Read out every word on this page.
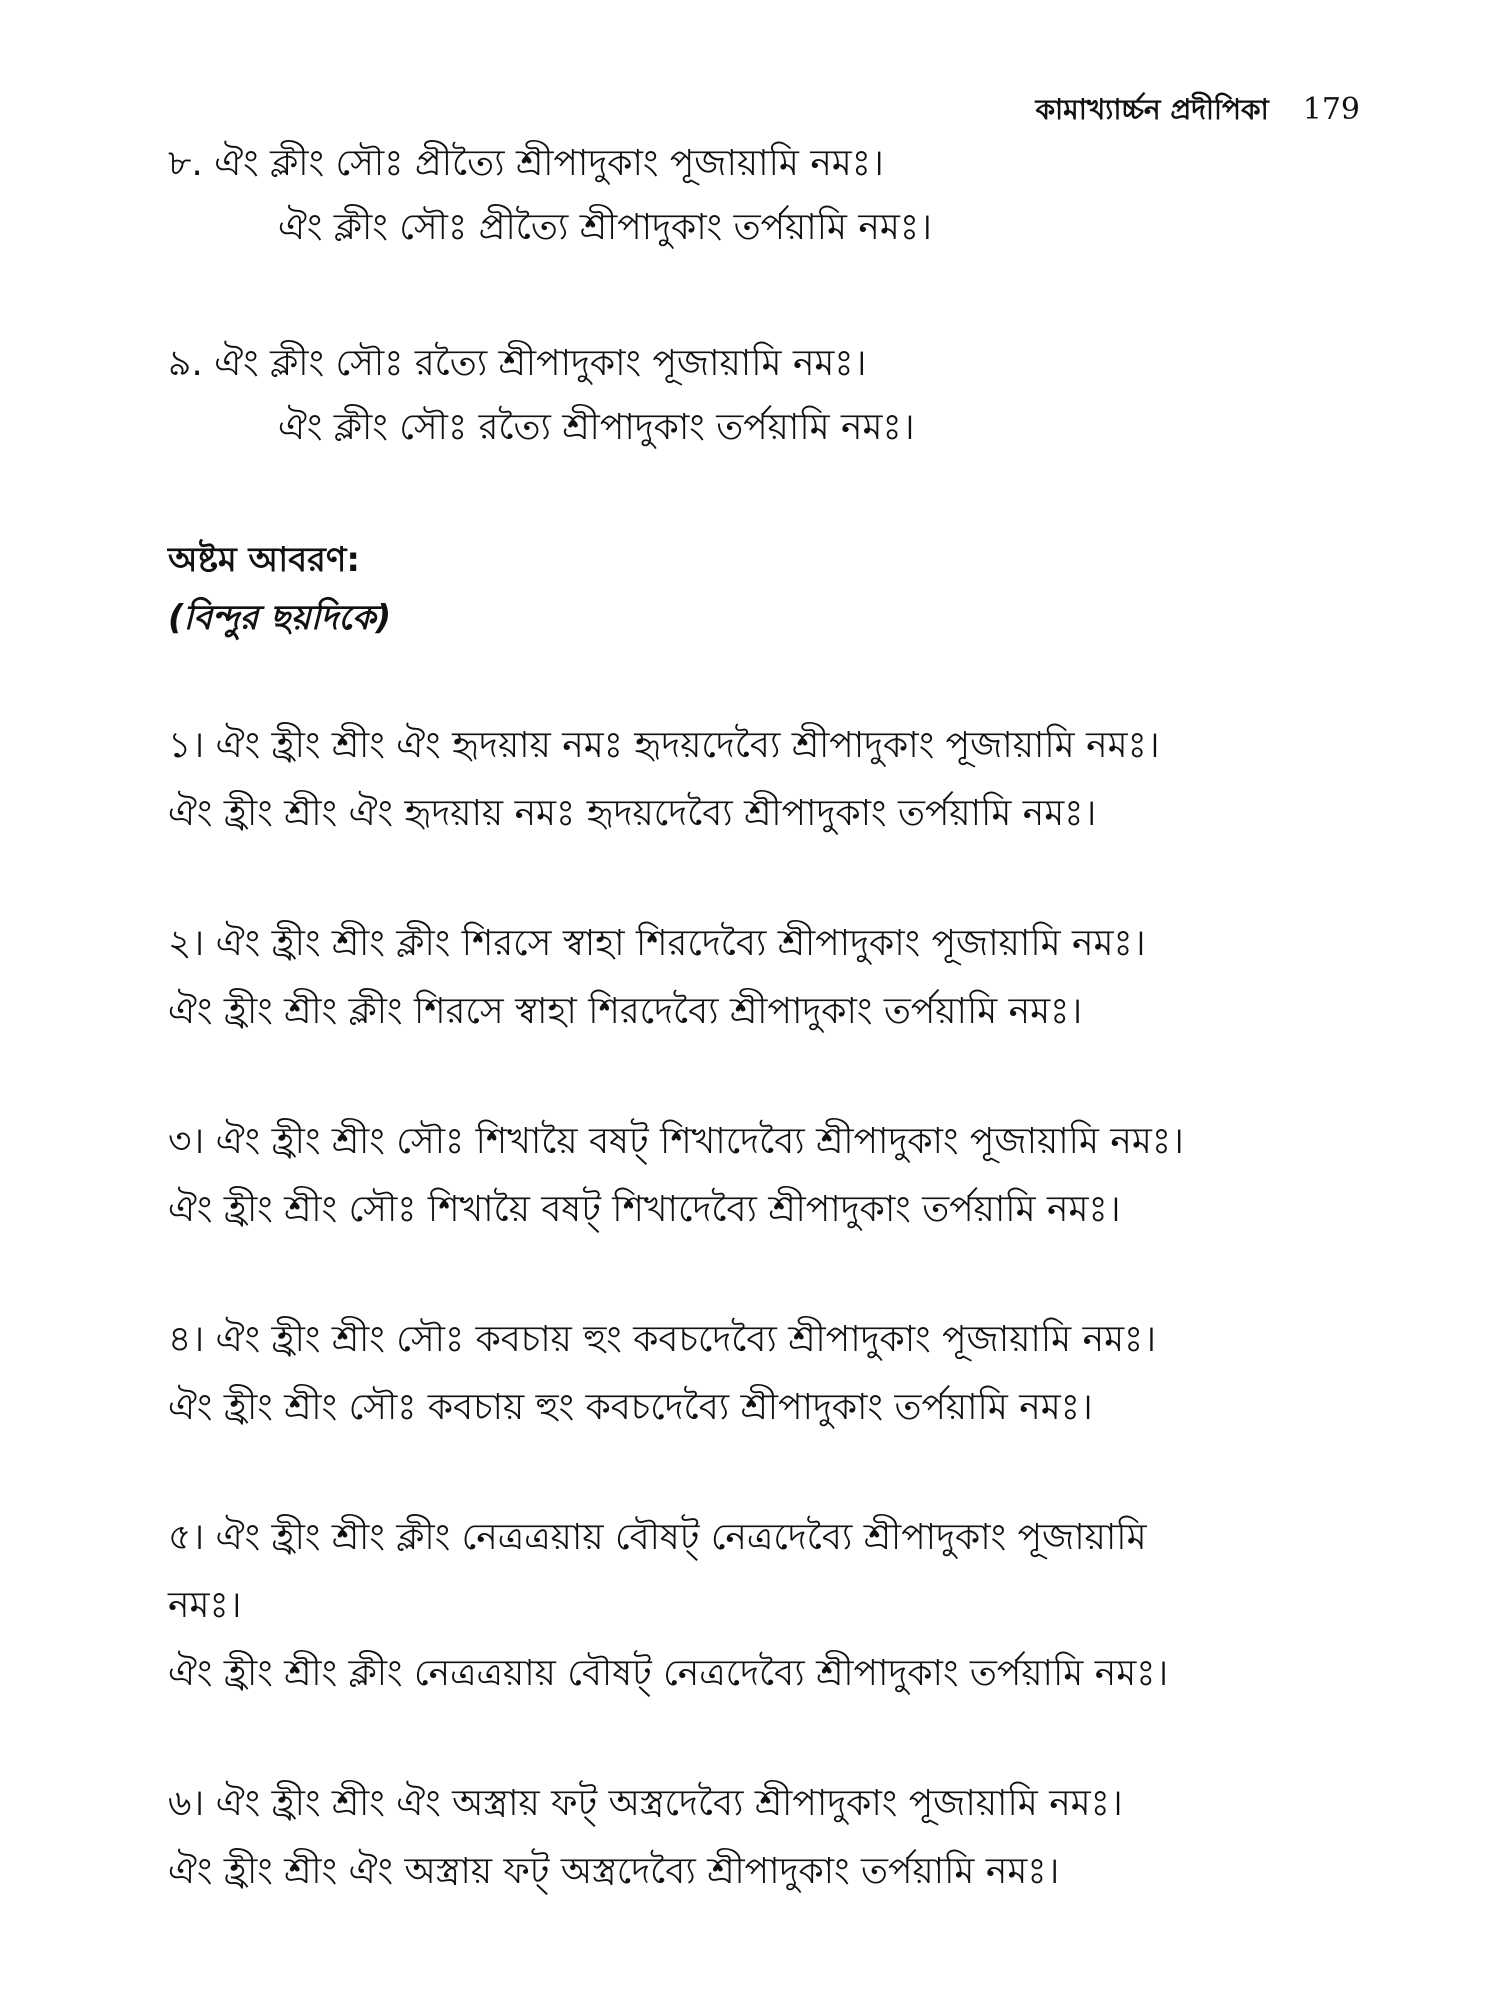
কামাখ্যার্চ্চন প্রদীপিকা 179
৮. ঐং ক্লীং সৌঃ প্রীত্যৈ শ্রীপাদুকাং পূজায়ামি নমঃ।
ঐং ক্লীং সৌঃ প্রীত্যৈ শ্রীপাদুকাং তর্পয়ামি নমঃ।
৯. ঐং ক্লীং সৌঃ রত্যৈ শ্রীপাদুকাং পূজায়ামি নমঃ।
ঐং ক্লীং সৌঃ রত্যৈ শ্রীপাদুকাং তর্পয়ামি নমঃ।
অষ্টম আবরণ:
(বিন্দুর ছয়দিকে)
১। ঐং হ্রীং শ্রীং ঐং হৃদয়ায় নমঃ হৃদয়দেব্যৈ শ্রীপাদুকাং পূজায়ামি নমঃ।
ঐং হ্রীং শ্রীং ঐং হৃদয়ায় নমঃ হৃদয়দেব্যৈ শ্রীপাদুকাং তর্পয়ামি নমঃ।
২। ঐং হ্রীং শ্রীং ক্লীং শিরসে স্বাহা শিরদেব্যৈ শ্রীপাদুকাং পূজায়ামি নমঃ।
ঐং হ্রীং শ্রীং ক্লীং শিরসে স্বাহা শিরদেব্যৈ শ্রীপাদুকাং তর্পয়ামি নমঃ।
৩। ঐং হ্রীং শ্রীং সৌঃ শিখায়ৈ বষট্ শিখাদেব্যৈ শ্রীপাদুকাং পূজায়ামি নমঃ।
ঐং হ্রীং শ্রীং সৌঃ শিখায়ৈ বষট্ শিখাদেব্যৈ শ্রীপাদুকাং তর্পয়ামি নমঃ।
৪। ঐং হ্রীং শ্রীং সৌঃ কবচায় হুং কবচদেব্যৈ শ্রীপাদুকাং পূজায়ামি নমঃ।
ঐং হ্রীং শ্রীং সৌঃ কবচায় হুং কবচদেব্যৈ শ্রীপাদুকাং তর্পয়ামি নমঃ।
৫। ঐং হ্রীং শ্রীং ক্লীং নেত্রত্রয়ায় বৌষট্ নেত্রদেব্যৈ শ্রীপাদুকাং পূজায়ামি
নমঃ।
ঐং হ্রীং শ্রীং ক্লীং নেত্রত্রয়ায় বৌষট্ নেত্রদেব্যৈ শ্রীপাদুকাং তর্পয়ামি নমঃ।
৬। ঐং হ্রীং শ্রীং ঐং অস্ত্রায় ফট্ অস্ত্রদেব্যৈ শ্রীপাদুকাং পূজায়ামি নমঃ।
ঐং হ্রীং শ্রীং ঐং অস্ত্রায় ফট্ অস্ত্রদেব্যৈ শ্রীপাদুকাং তর্পয়ামি নমঃ।
